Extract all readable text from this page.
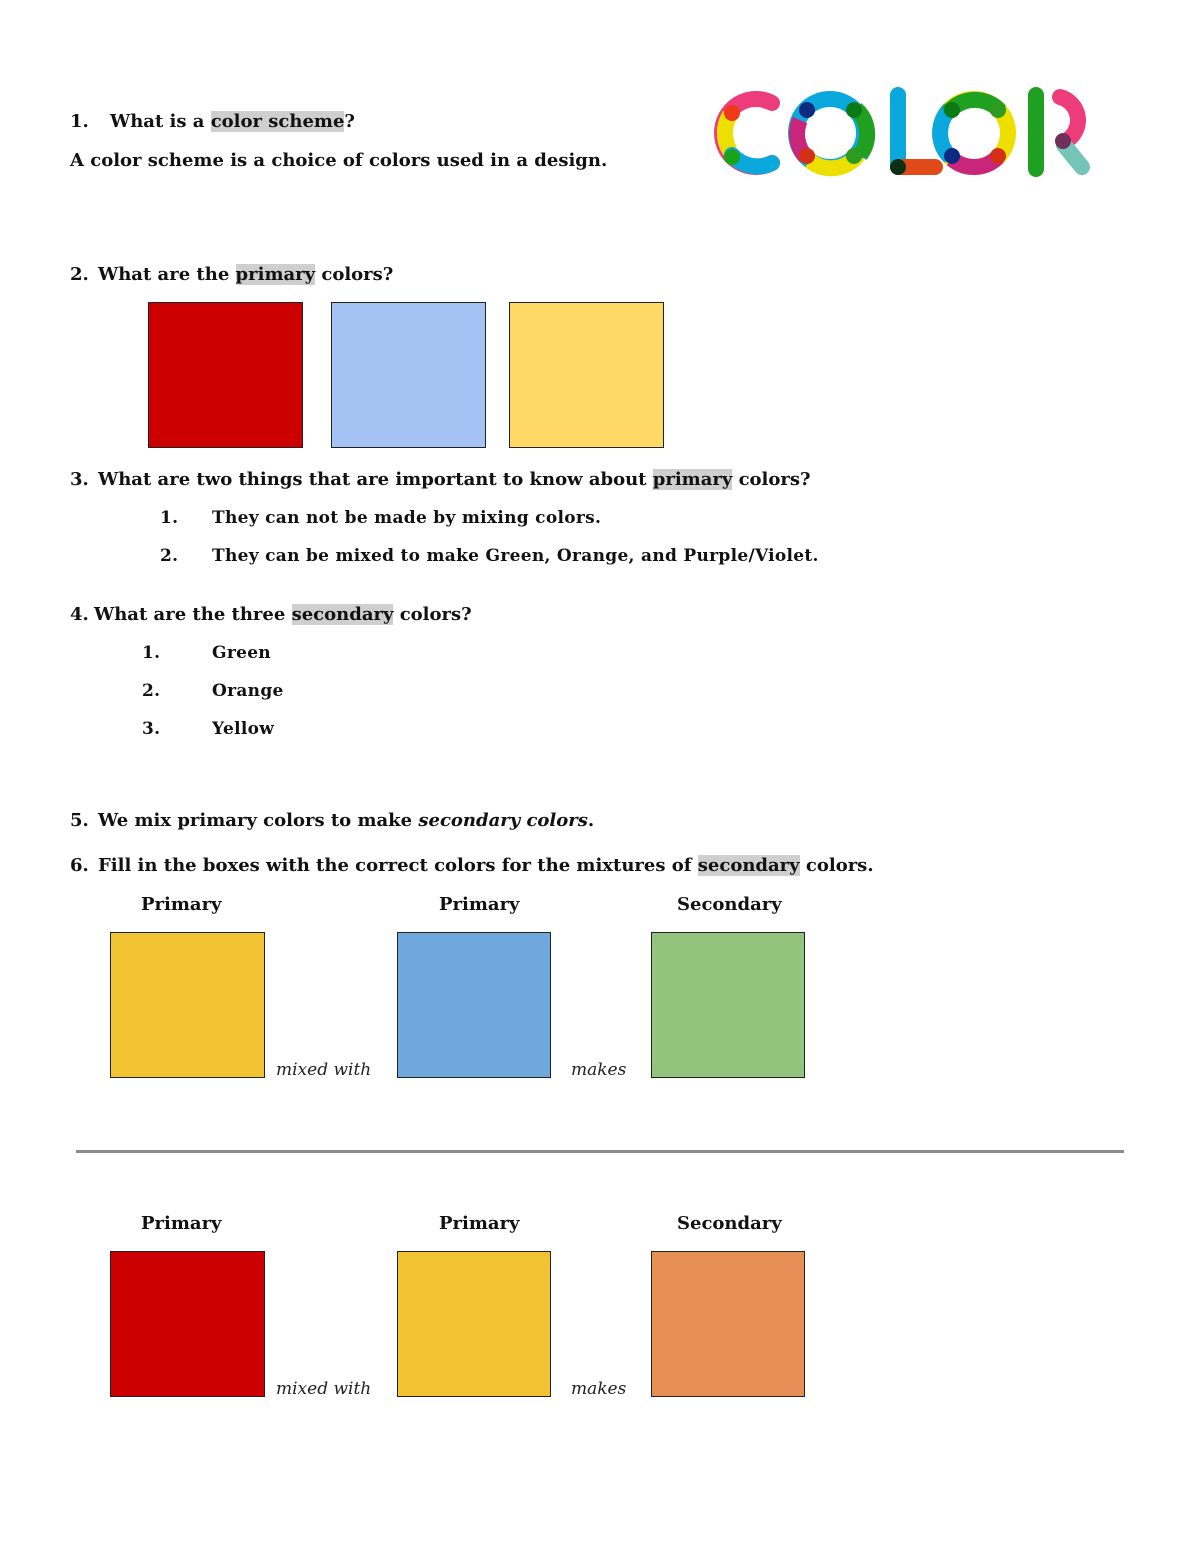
1. What is a color scheme?
A color scheme is a choice of colors used in a design.
2. What are the primary colors?
3. What are two things that are important to know about primary colors?
1. They can not be made by mixing colors.
2. They can be mixed to make Green, Orange, and Purple/Violet.
4. What are the three secondary colors?
1.	Green
2.	Orange
3.	Yellow
5. We mix primary colors to make secondary colors.
6. Fill in the boxes with the correct colors for the mixtures of secondary colors.
Primary	Primary	Secondary
mixed with	makes
Primary	Primary	Secondary
mixed with	makes
